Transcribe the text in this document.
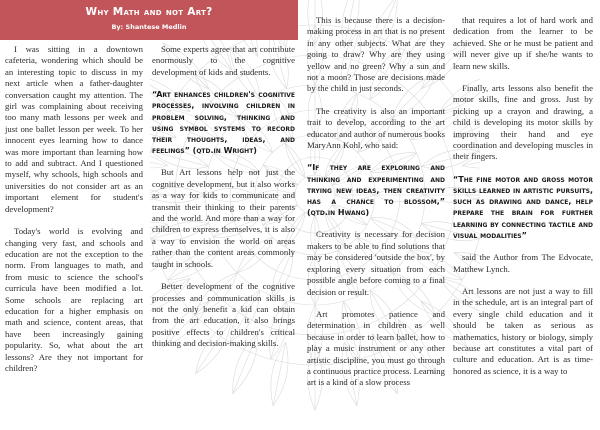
Why Math and not Art?
By: Shantese Medlin

I was sitting in a downtown cafeteria, wondering which should be an interesting topic to discuss in my next article when a father-daughter conversation caught my attention. The girl was complaining about receiving too many math lessons per week and just one ballet lesson per week. To her innocent eyes learning how to dance was more important than learning how to add and subtract. And I questioned myself, why schools, high schools and universities do not consider art as an important element for student's development?

Today's world is evolving and changing very fast, and schools and education are not the exception to the norm. From languages to math, and from music to science the school's curricula have been modified a lot. Some schools are replacing art education for a higher emphasis on math and science, content areas, that have been increasingly gaining popularity. So, what about the art lessons? Are they not important for children?

Some experts agree that art contribute enormously to the cognitive development of kids and students.

“Art enhances children's cognitive processes, involving children in problem solving, thinking and using symbol systems to record their thoughts, ideas, and feelings” (qtd.in Wright)

But Art lessons help not just the cognitive development, but it also works as a way for kids to communicate and transmit their thinking to their parents and the world. And more than a way for children to express themselves, it is also a way to envision the world on areas rather than the content areas commonly taught in schools.

Better development of the cognitive processes and communication skills is not the only benefit a kid can obtain from the art education, it also brings positive effects to children's critical thinking and decision-making skills.

This is because there is a decision-making process in art that is no present in any other subjects. What are they going to draw? Why are they using yellow and no green? Why a sun and not a moon? Those are decisions made by the child in just seconds.

The creativity is also an important trait to develop, according to the art educator and author of numerous books MaryAnn Kohl, who said:

“If they are exploring and thinking and experimenting and trying new ideas, then creativity has a chance to blossom,” (qtd.in Hwang)

Creativity is necessary for decision makers to be able to find solutions that may be considered 'outside the box', by exploring every situation from each possible angle before coming to a final decision or result.

Art promotes patience and determination in children as well because in order to learn ballet, how to play a music instrument or any other artistic discipline, you must go through a continuous practice process. Learning art is a kind of a slow process

that requires a lot of hard work and dedication from the learner to be achieved. She or he must be patient and will never give up if she/he wants to learn new skills.

Finally, arts lessons also benefit the motor skills, fine and gross. Just by picking up a crayon and drawing, a child is developing its motor skills by improving their hand and eye coordination and developing muscles in their fingers.

“The fine motor and gross motor skills learned in artistic pursuits, such as drawing and dance, help prepare the brain for further learning by connecting tactile and visual modalities”

said the Author from The Edvocate, Matthew Lynch.

Art lessons are not just a way to fill in the schedule, art is an integral part of every single child education and it should be taken as serious as mathematics, history or biology, simply because art constitutes a vital part of culture and education. Art is as time-honored as science, it is a way to
